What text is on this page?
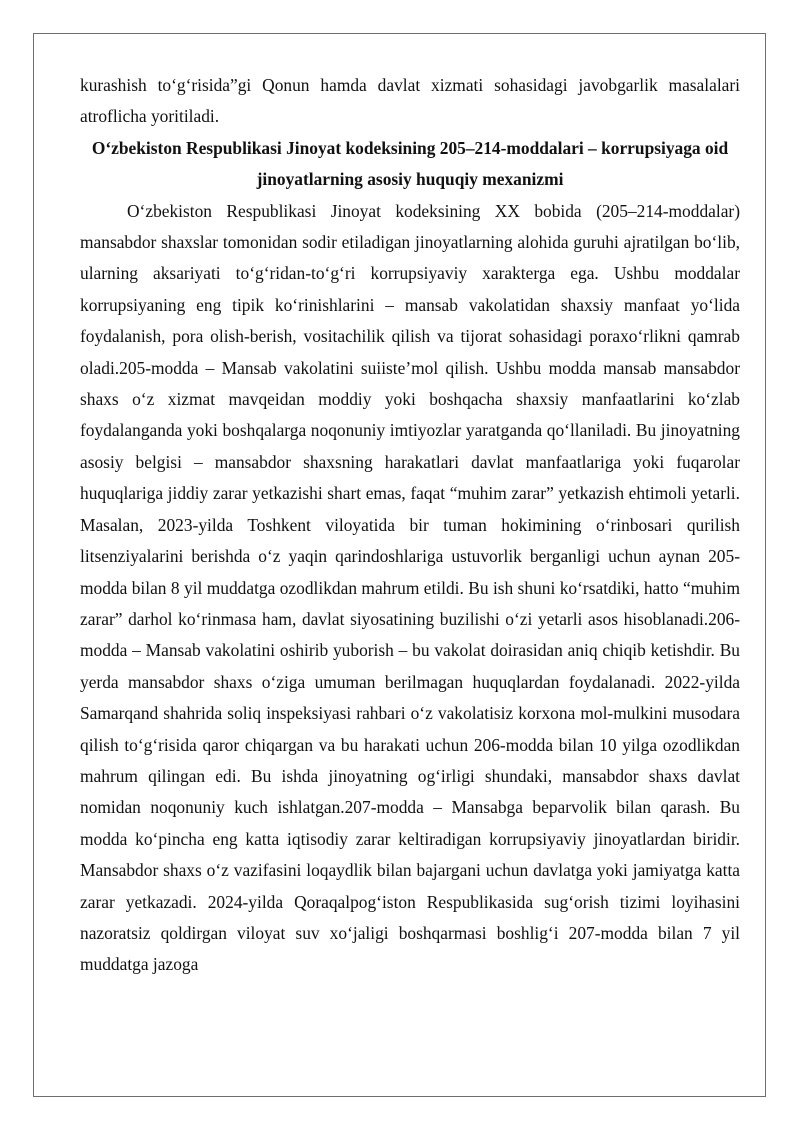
kurashish to‘g‘risida”gi Qonun hamda davlat xizmati sohasidagi javobgarlik masalalari atroflicha yoritiladi.

O‘zbekiston Respublikasi Jinoyat kodeksining 205–214-moddalari – korrupsiyaga oid jinoyatlarning asosiy huquqiy mexanizmi

O‘zbekiston Respublikasi Jinoyat kodeksining XX bobida (205–214-moddalar) mansabdor shaxslar tomonidan sodir etiladigan jinoyatlarning alohida guruhi ajratilgan bo‘lib, ularning aksariyati to‘g‘ridan-to‘g‘ri korrupsiyaviy xarakterga ega. Ushbu moddalar korrupsiyaning eng tipik ko‘rinishlarini – mansab vakolatidan shaxsiy manfaat yo‘lida foydalanish, pora olish-berish, vositachilik qilish va tijorat sohasidagi poraxo‘rlikni qamrab oladi.205-modda – Mansab vakolatini suiiste’mol qilish. Ushbu modda mansab mansabdor shaxs o‘z xizmat mavqeidan moddiy yoki boshqacha shaxsiy manfaatlarini ko‘zlab foydalanganda yoki boshqalarga noqonuniy imtiyozlar yaratganda qo‘llaniladi. Bu jinoyatning asosiy belgisi – mansabdor shaxsning harakatlari davlat manfaatlariga yoki fuqarolar huquqlariga jiddiy zarar yetkazishi shart emas, faqat “muhim zarar” yetkazish ehtimoli yetarli. Masalan, 2023-yilda Toshkent viloyatida bir tuman hokimining o‘rinbosari qurilish litsenziyalarini berishda o‘z yaqin qarindoshlariga ustuvorlik berganligi uchun aynan 205-modda bilan 8 yil muddatga ozodlikdan mahrum etildi. Bu ish shuni ko‘rsatdiki, hatto “muhim zarar” darhol ko‘rinmasa ham, davlat siyosatining buzilishi o‘zi yetarli asos hisoblanadi.206-modda – Mansab vakolatini oshirib yuborish – bu vakolat doirasidan aniq chiqib ketishdir. Bu yerda mansabdor shaxs o‘ziga umuman berilmagan huquqlardan foydalanadi. 2022-yilda Samarqand shahrida soliq inspeksiyasi rahbari o‘z vakolatisiz korxona mol-mulkini musodara qilish to‘g‘risida qaror chiqargan va bu harakati uchun 206-modda bilan 10 yilga ozodlikdan mahrum qilingan edi. Bu ishda jinoyatning og‘irligi shundaki, mansabdor shaxs davlat nomidan noqonuniy kuch ishlatgan.207-modda – Mansabga beparvolik bilan qarash. Bu modda ko‘pincha eng katta iqtisodiy zarar keltiradigan korrupsiyaviy jinoyatlardan biridir. Mansabdor shaxs o‘z vazifasini loqaydlik bilan bajargani uchun davlatga yoki jamiyatga katta zarar yetkazadi. 2024-yilda Qoraqalpog‘iston Respublikasida sug‘orish tizimi loyihasini nazoratsiz qoldirgan viloyat suv xo‘jaligi boshqarmasi boshlig‘i 207-modda bilan 7 yil muddatga jazoga
